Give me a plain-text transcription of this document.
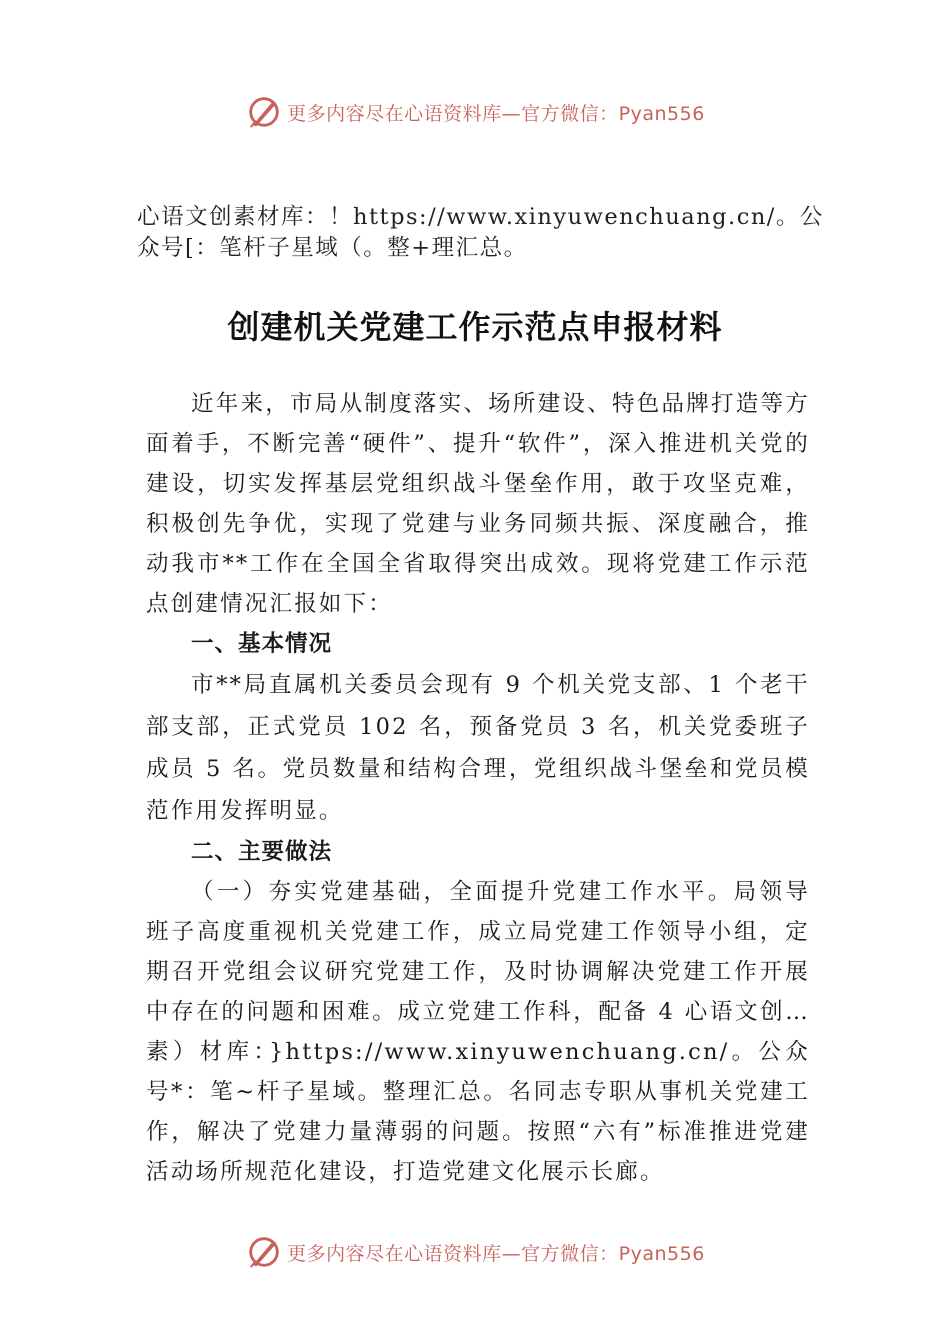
更多内容尽在心语资料库—官方微信：Pyan556
心语文创素材库：！https://www.xinyuwenchuang.cn/。公众号[：笔杆子星域（。整+理汇总。
创建机关党建工作示范点申报材料

近年来，市局从制度落实、场所建设、特色品牌打造等方面着手，不断完善“硬件”、提升“软件”，深入推进机关党的建设，切实发挥基层党组织战斗堡垒作用，敢于攻坚克难，积极创先争优，实现了党建与业务同频共振、深度融合，推动我市**工作在全国全省取得突出成效。现将党建工作示范点创建情况汇报如下：

一、基本情况

市**局直属机关委员会现有 9 个机关党支部、1 个老干部支部，正式党员 102 名，预备党员 3 名，机关党委班子成员 5 名。党员数量和结构合理，党组织战斗堡垒和党员模范作用发挥明显。

二、主要做法

（一）夯实党建基础，全面提升党建工作水平。局领导 班子高度重视机关党建工作，成立局党建工作领导小组，定期召开党组会议研究党建工作，及时协调解决党建工作开展中存在的问题和困难。成立党建工作科，配备 4 心语文创…素）材库：}https://www.xinyuwenchuang.cn/。公众号*：笔~杆子星域。整理汇总。名同志专职从事机关党建工作，解决了党建力量薄弱的问题。按照“六有”标准推进党建活动场所规范化建设，打造党建文化展示长廊。

更多内容尽在心语资料库—官方微信：Pyan556
